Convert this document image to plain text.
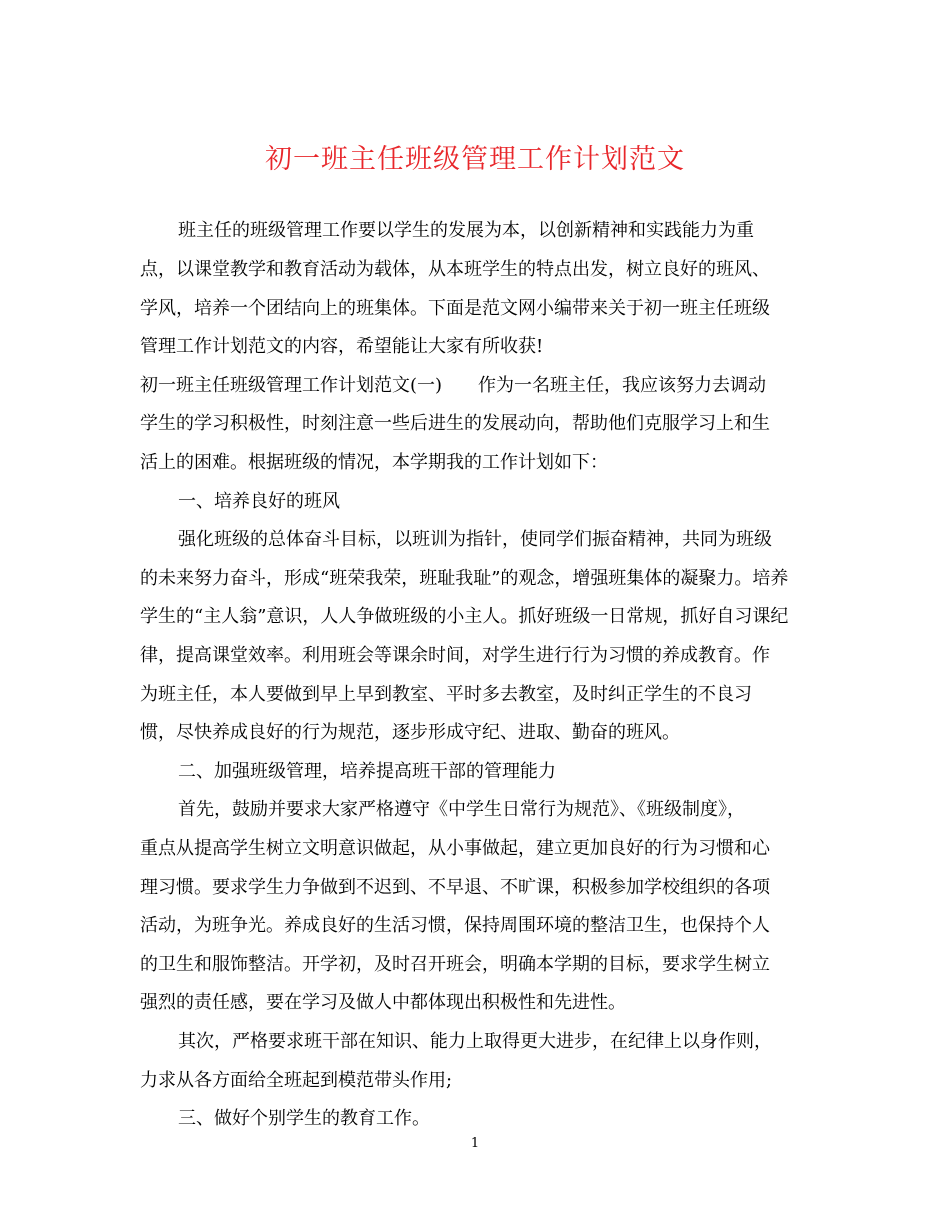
初一班主任班级管理工作计划范文
班主任的班级管理工作要以学生的发展为本，以创新精神和实践能力为重
点，以课堂教学和教育活动为载体，从本班学生的特点出发，树立良好的班风、
学风，培养一个团结向上的班集体。下面是范文网小编带来关于初一班主任班级
管理工作计划范文的内容，希望能让大家有所收获!
初一班主任班级管理工作计划范文(一)　　作为一名班主任，我应该努力去调动
学生的学习积极性，时刻注意一些后进生的发展动向，帮助他们克服学习上和生
活上的困难。根据班级的情况，本学期我的工作计划如下：
一、培养良好的班风
强化班级的总体奋斗目标，以班训为指针，使同学们振奋精神，共同为班级
的未来努力奋斗，形成“班荣我荣，班耻我耻”的观念，增强班集体的凝聚力。培养
学生的“主人翁”意识，人人争做班级的小主人。抓好班级一日常规，抓好自习课纪
律，提高课堂效率。利用班会等课余时间，对学生进行行为习惯的养成教育。作
为班主任，本人要做到早上早到教室、平时多去教室，及时纠正学生的不良习
惯，尽快养成良好的行为规范，逐步形成守纪、进取、勤奋的班风。
二、加强班级管理，培养提高班干部的管理能力
首先，鼓励并要求大家严格遵守《中学生日常行为规范》、《班级制度》，
重点从提高学生树立文明意识做起，从小事做起，建立更加良好的行为习惯和心
理习惯。要求学生力争做到不迟到、不早退、不旷课，积极参加学校组织的各项
活动，为班争光。养成良好的生活习惯，保持周围环境的整洁卫生，也保持个人
的卫生和服饰整洁。开学初，及时召开班会，明确本学期的目标，要求学生树立
强烈的责任感，要在学习及做人中都体现出积极性和先进性。
其次，严格要求班干部在知识、能力上取得更大进步，在纪律上以身作则，
力求从各方面给全班起到模范带头作用;
三、做好个别学生的教育工作。
1
